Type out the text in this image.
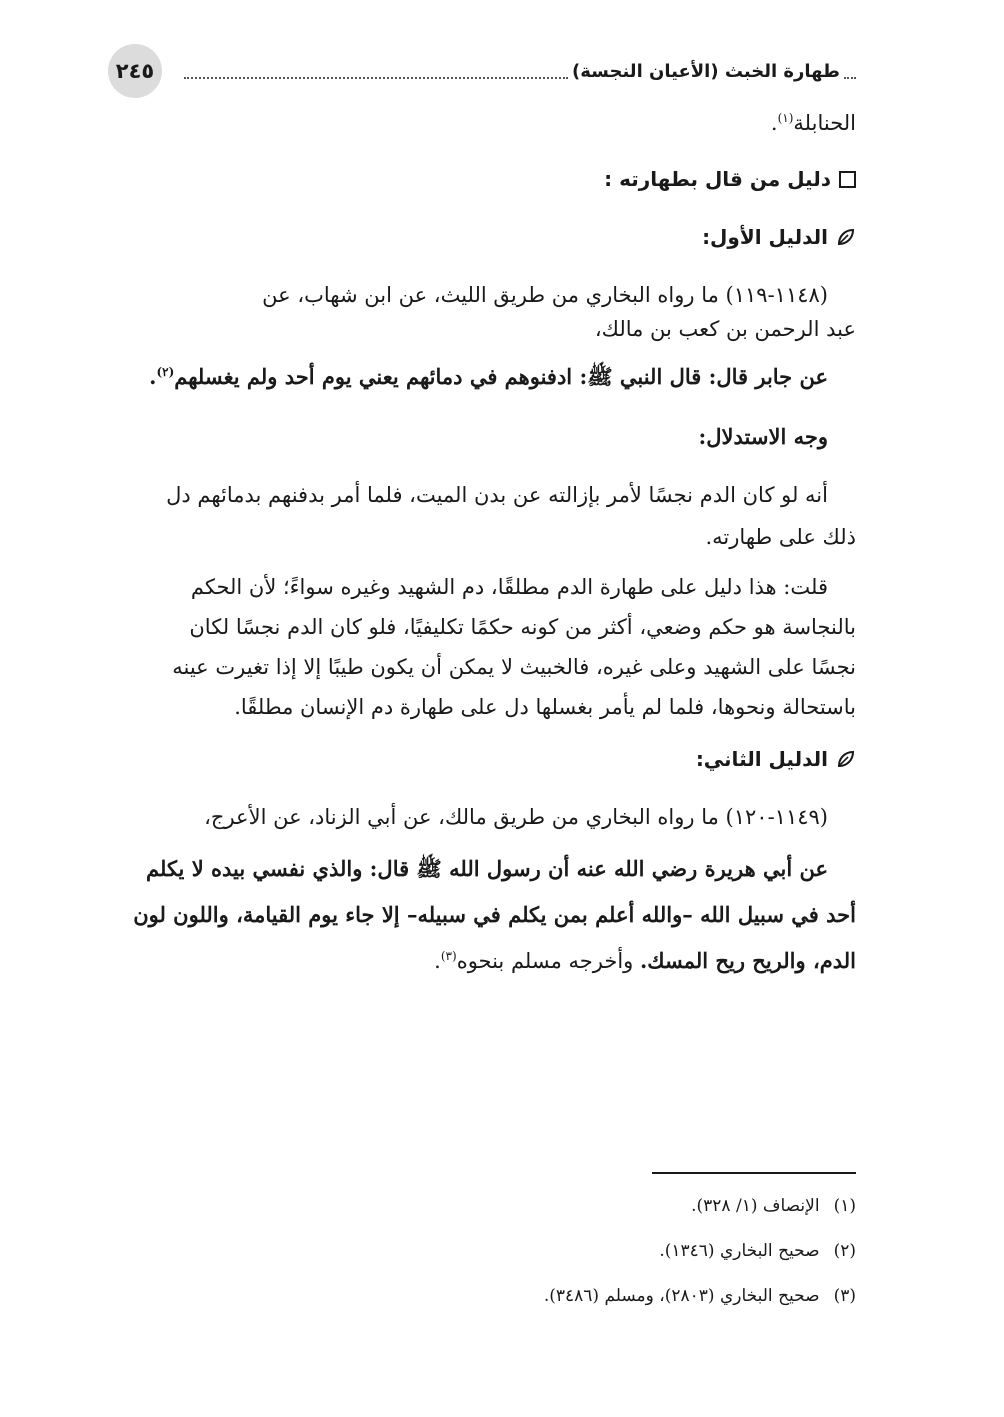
٢٤٥	طهارة الخبث (الأعيان النجسة)

الحنابلة$^{(١)}$.

دليل من قال بطهارته :
الدليل الأول:

(١١٤٨-١١٩) ما رواه البخاري من طريق الليث، عن ابن شهاب، عن

عبد الرحمن بن كعب بن مالك،

عن جابر قال: قال النبي ﷺ: ادفنوهم في دمائهم يعني يوم أحد ولم يغسلهم$^{(٢)}$.

وجه الاستدلال:

أنه لو كان الدم نجسًا لأمر بإزالته عن بدن الميت، فلما أمر بدفنهم بدمائهم دل

ذلك على طهارته.

قلت: هذا دليل على طهارة الدم مطلقًا، دم الشهيد وغيره سواءً؛ لأن الحكم

بالنجاسة هو حكم وضعي، أكثر من كونه حكمًا تكليفيًا، فلو كان الدم نجسًا لكان

نجسًا على الشهيد وعلى غيره، فالخبيث لا يمكن أن يكون طيبًا إلا إذا تغيرت عينه

باستحالة ونحوها، فلما لم يأمر بغسلها دل على طهارة دم الإنسان مطلقًا.

الدليل الثاني:

(١١٤٩-١٢٠) ما رواه البخاري من طريق مالك، عن أبي الزناد، عن الأعرج،

عن أبي هريرة رضي الله عنه أن رسول الله ﷺ قال: والذي نفسي بيده لا يكلم

أحد في سبيل الله –والله أعلم بمن يكلم في سبيله– إلا جاء يوم القيامة، واللون لون

الدم، والريح ريح المسك. وأخرجه مسلم بنحوه$^{(٣)}$.

(١)
الإنصاف (١/ ٣٢٨).
(٢)
صحيح البخاري (١٣٤٦).
(٣)
صحيح البخاري (٢٨٠٣)، ومسلم (٣٤٨٦).
